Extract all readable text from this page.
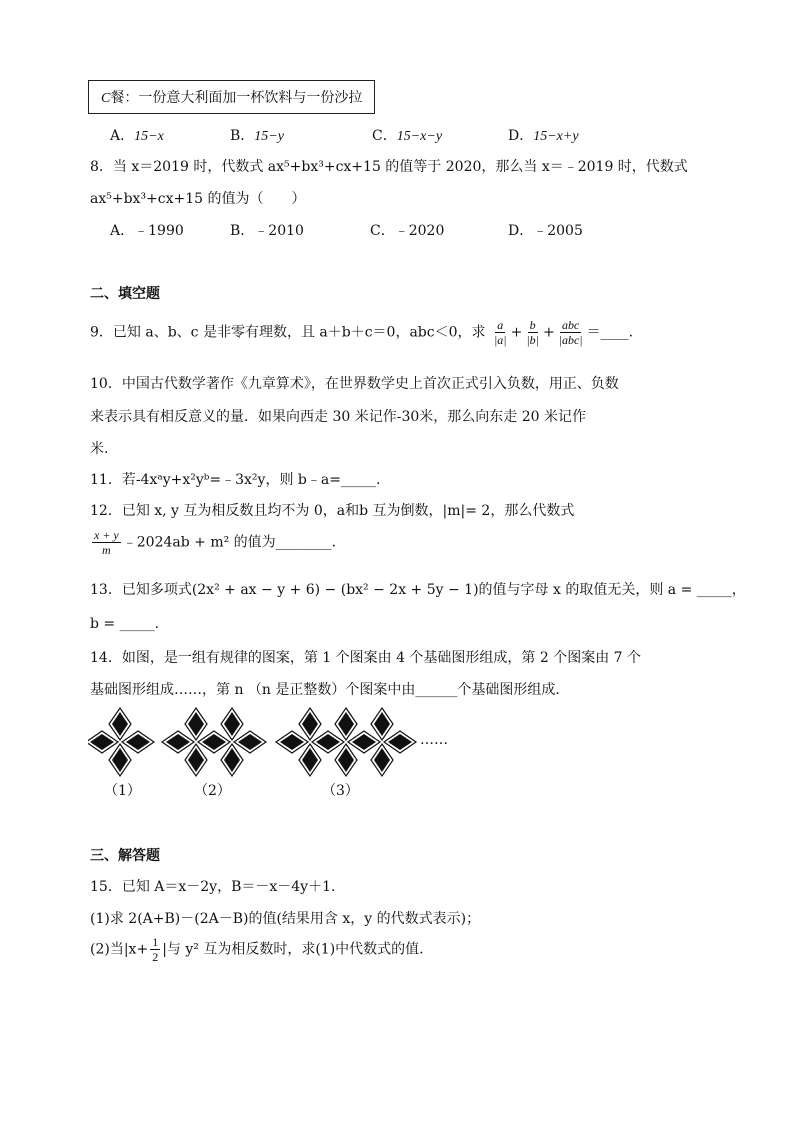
C餐：一份意大利面加一杯饮料与一份沙拉
A．15−x	B．15−y	C．15−x−y	D．15−x+y
8．当 x＝2019 时，代数式 ax⁵+bx³+cx+15 的值等于 2020，那么当 x＝﹣2019 时，代数式
ax⁵+bx³+cx+15 的值为（　　）
A．﹣1990	B．﹣2010	C．﹣2020	D．﹣2005
二、填空题
9．已知 a、b、c 是非零有理数，且 a＋b＋c＝0，abc＜0，求 $\frac{a}{|a|} + \frac{b}{|b|} + \frac{\text{abc}}{\text{|abc|}}$ ＝____.
10．中国古代数学著作《九章算术》，在世界数学史上首次正式引入负数，用正、负数
来表示具有相反意义的量．如果向西走 30 米记作-30米，那么向东走 20 米记作
米.
11．若-4xᵃy+x²yᵇ=﹣3x²y，则 b﹣a=_____.
12．已知 x, y 互为相反数且均不为 0，a和b 互为倒数，|m|= 2，那么代数式
$\frac{x + y}{m}$ ﹣2024ab + m² 的值为________.
13．已知多项式(2x² + ax − y + 6) − (bx² − 2x + 5y − 1)的值与字母 x 的取值无关，则 a = _____，
b = _____.
14．如图，是一组有规律的图案，第 1 个图案由 4 个基础图形组成，第 2 个图案由 7 个
基础图形组成……，第 n （n 是正整数）个图案中由______个基础图形组成.
……
（1）	（2）	（3）
三、解答题
15．已知 A＝x－2y，B＝－x－4y＋1.
(1)求 2(A+B)－(2A－B)的值(结果用含 x，y 的代数式表示)；
(2)当$|x+ \frac{1}{2}$ |与 y² 互为相反数时，求(1)中代数式的值.
